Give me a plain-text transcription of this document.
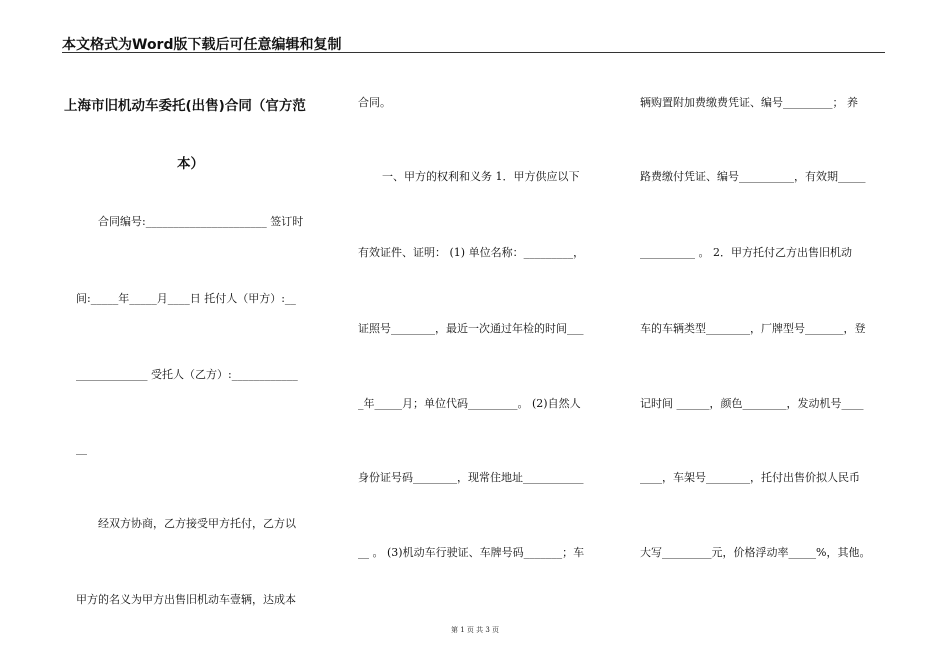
本文格式为Word版下载后可任意编辑和复制
上海市旧机动车委托(出售)合同（官方范
本）
合同编号:______________________ 签订时
间:_____年_____月____日 托付人（甲方）:__
_____________ 受托人（乙方）:____________
__
经双方协商，乙方接受甲方托付，乙方以
甲方的名义为甲方出售旧机动车壹辆，达成本
合同。
一、甲方的权利和义务 1．甲方供应以下
有效证件、证明： (1) 单位名称：_________，
证照号________，最近一次通过年检的时间___
_年_____月；单位代码_________。 (2)自然人
身份证号码________，现常住地址___________
__ 。 (3)机动车行驶证、车牌号码_______；车
辆购置附加费缴费凭证、编号_________； 养
路费缴付凭证、编号__________，有效期_____
__________ 。 2．甲方托付乙方出售旧机动
车的车辆类型________，厂牌型号_______，登
记时间 ______，颜色________，发动机号____
____，车架号________，托付出售价拟人民币
大写_________元，价格浮动率_____%，其他。
第 1 页 共 3 页
